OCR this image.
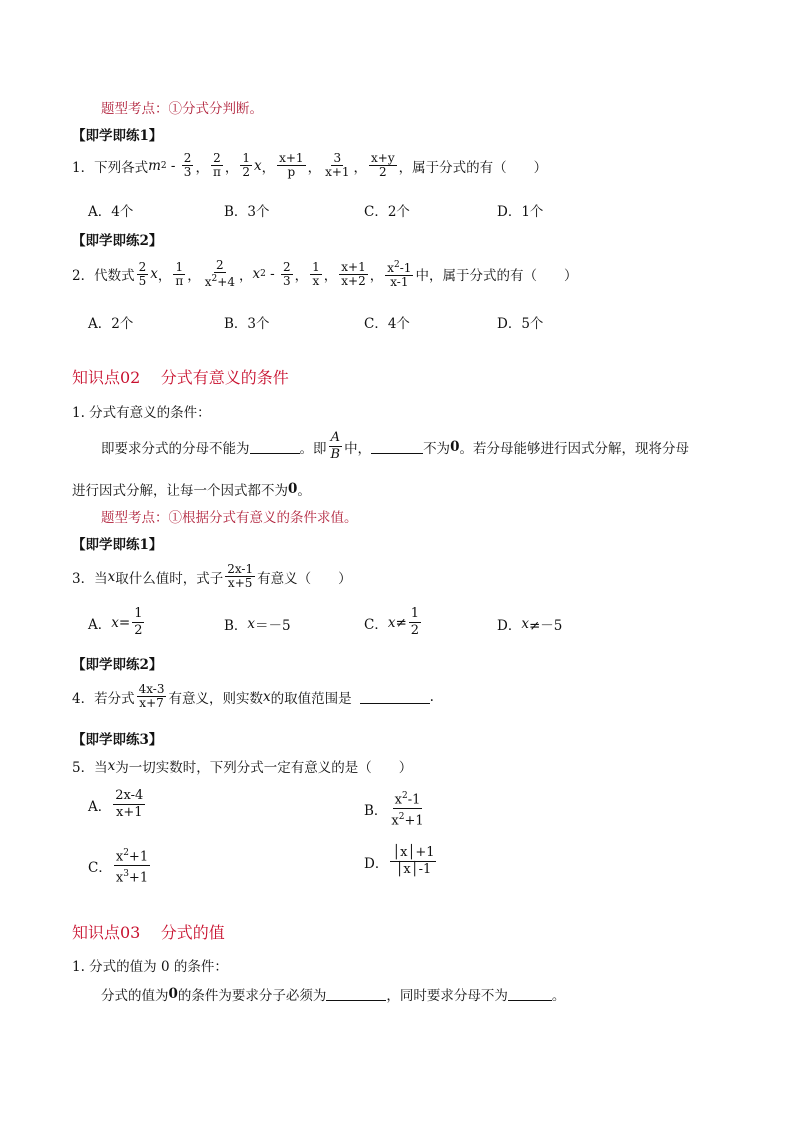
题型考点：①分式分判断。
【即学即练1】
1．下列各式 m $2 - \frac{2}{3}$ ， $\frac{2}{\pi}$ ， $\frac{1}{2}$ x ， $\frac{x+1}{p}$ ， $\frac{3}{x+1}$ ， $\frac{x+y}{2}$ ，属于分式的有（　　）
A．4个	B．3个	C．2个	D．1个
【即学即练2】
2．代数式 $\frac{2}{5}$ x ， $\frac{1}{\pi}$ ， $\frac{2}{x^2+4}$ ， x $2 - \frac{2}{3}$ ， $\frac{1}{x}$ ， $\frac{x+1}{x+2}$ ， $\frac{x^2-1}{x-1}$ 中，属于分式的有（　　）
A．2个	B．3个	C．4个	D．5个
知识点02 分式有意义的条件
1. 分式有意义的条件：
即要求分式的分母不能为	。即 $\frac{A}{B}$ 中，	不为 0 。若分母能够进行因式分解，现将分母
进行因式分解，让每一个因式都不为 0 。
题型考点：①根据分式有意义的条件求值。
【即学即练1】
3．当 x 取什么值时，式子 $\frac{2x-1}{x+5}$ 有意义（　　）
A． $x = \frac{1}{2}$	B． x ＝－5	C． $x \ne \frac{1}{2}$	D． x ≠－5
【即学即练2】
4．若分式 $\frac{4x-3}{x+7}$ 有意义，则实数 x 的取值范围是	.
【即学即练3】
5．当 x 为一切实数时，下列分式一定有意义的是（　　）
A． $\frac{2x-4}{x+1}$	B． $\frac{x^2-1}{x^2+1}$
C． $\frac{x^2+1}{x^3+1}$	D． $\frac{│x│+1}{│x│-1}$
知识点03 分式的值
1. 分式的值为 0 的条件：
分式的值为 0 的条件为要求分子必须为	，同时要求分母不为	。
